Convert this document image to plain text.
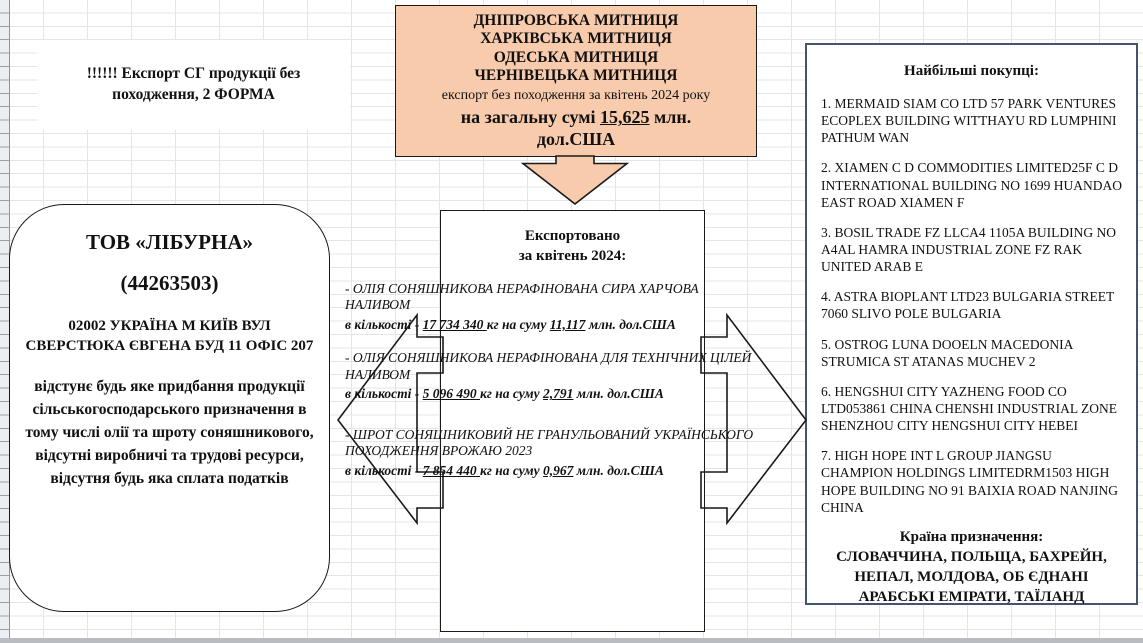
!!!!!! Експорт СГ продукції без походження, 2 ФОРМА
ДНІПРОВСЬКА МИТНИЦЯ
ХАРКІВСЬКА МИТНИЦЯ
ОДЕСЬКА МИТНИЦЯ
ЧЕРНІВЕЦЬКА МИТНИЦЯ
експорт без походження за квітень 2024 року
на загальну сумі 15,625 млн. дол.США
ТОВ «ЛІБУРНА»
(44263503)
02002 УКРАЇНА М КИЇВ ВУЛ СВЕРСТЮКА ЄВГЕНА БУД 11 ОФІС 207
відстунє будь яке придбання продукції сільськогосподарського призначення в тому числі олії та шроту соняшникового, відсутні виробничі та трудові ресурси, відсутня будь яка сплата податків
Експортовано
за квітень 2024:
- ОЛІЯ СОНЯШНИКОВА НЕРАФІНОВАНА СИРА ХАРЧОВА НАЛИВОМ
в кількості - 17 734 340 кг на суму 11,117 млн. дол.США
- ОЛІЯ СОНЯШНИКОВА НЕРАФІНОВАНА ДЛЯ ТЕХНІЧНИХ ЦІЛЕЙ НАЛИВОМ
в кількості - 5 096 490 кг на суму 2,791 млн. дол.США
- ШРОТ СОНЯШНИКОВИЙ НЕ ГРАНУЛЬОВАНИЙ УКРАЇНСЬКОГО ПОХОДЖЕННЯ ВРОЖАЮ 2023
в кількості - 7 854 440 кг на суму 0,967 млн. дол.США
Найбільші покупці:
1. MERMAID SIAM CO LTD 57 PARK VENTURES ECOPLEX BUILDING WITTHAYU RD LUMPHINI PATHUM WAN
2. XIAMEN C D COMMODITIES LIMITED25F C D INTERNATIONAL BUILDING NO 1699 HUANDAO EAST ROAD XIAMEN F
3. BOSIL TRADE FZ LLCA4 1105A BUILDING NO A4AL HAMRA INDUSTRIAL ZONE FZ RAK UNITED ARAB E
4. ASTRA BIOPLANT LTD23 BULGARIA STREET 7060 SLIVO POLE BULGARIA
5. OSTROG LUNA DOOELN MACEDONIA STRUMICA ST ATANAS MUCHEV 2
6. HENGSHUI CITY YAZHENG FOOD CO LTD053861 CHINA CHENSHI INDUSTRIAL ZONE SHENZHOU CITY HENGSHUI CITY HEBEI
7. HIGH HOPE INT L GROUP JIANGSU CHAMPION HOLDINGS LIMITEDRM1503 HIGH HOPE BUILDING NO 91 BAIXIA ROAD NANJING CHINA
Країна призначення:
СЛОВАЧЧИНА, ПОЛЬЩА, БАХРЕЙН, НЕПАЛ, МОЛДОВА, ОБ ЄДНАНІ АРАБСЬКІ ЕМІРАТИ, ТАЇЛАНД
